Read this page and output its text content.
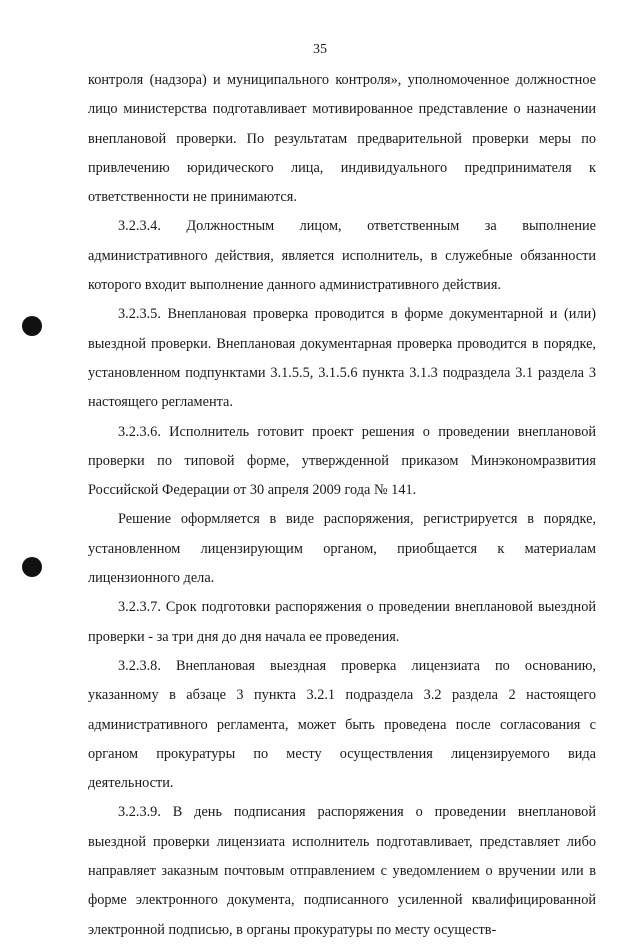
35

контроля (надзора) и муниципального контроля», уполномоченное должностное лицо министерства подготавливает мотивированное представление о назначении внеплановой проверки. По результатам предварительной проверки меры по привлечению юридического лица, индивидуального предпринимателя к ответственности не принимаются.

3.2.3.4. Должностным лицом, ответственным за выполнение административного действия, является исполнитель, в служебные обязанности которого входит выполнение данного административного действия.

3.2.3.5. Внеплановая проверка проводится в форме документарной и (или) выездной проверки. Внеплановая документарная проверка проводится в порядке, установленном подпунктами 3.1.5.5, 3.1.5.6 пункта 3.1.3 подраздела 3.1 раздела 3 настоящего регламента.

3.2.3.6. Исполнитель готовит проект решения о проведении внеплановой проверки по типовой форме, утвержденной приказом Минэкономразвития Российской Федерации от 30 апреля 2009 года № 141.

Решение оформляется в виде распоряжения, регистрируется в порядке, установленном лицензирующим органом, приобщается к материалам лицензионного дела.

3.2.3.7. Срок подготовки распоряжения о проведении внеплановой выездной проверки - за три дня до дня начала ее проведения.

3.2.3.8. Внеплановая выездная проверка лицензиата по основанию, указанному в абзаце 3 пункта 3.2.1 подраздела 3.2 раздела 2 настоящего административного регламента, может быть проведена после согласования с органом прокуратуры по месту осуществления лицензируемого вида деятельности.

3.2.3.9. В день подписания распоряжения о проведении внеплановой выездной проверки лицензиата исполнитель подготавливает, представляет либо направляет заказным почтовым отправлением с уведомлением о вручении или в форме электронного документа, подписанного усиленной квалифицированной электронной подписью, в органы прокуратуры по месту осуществ-
